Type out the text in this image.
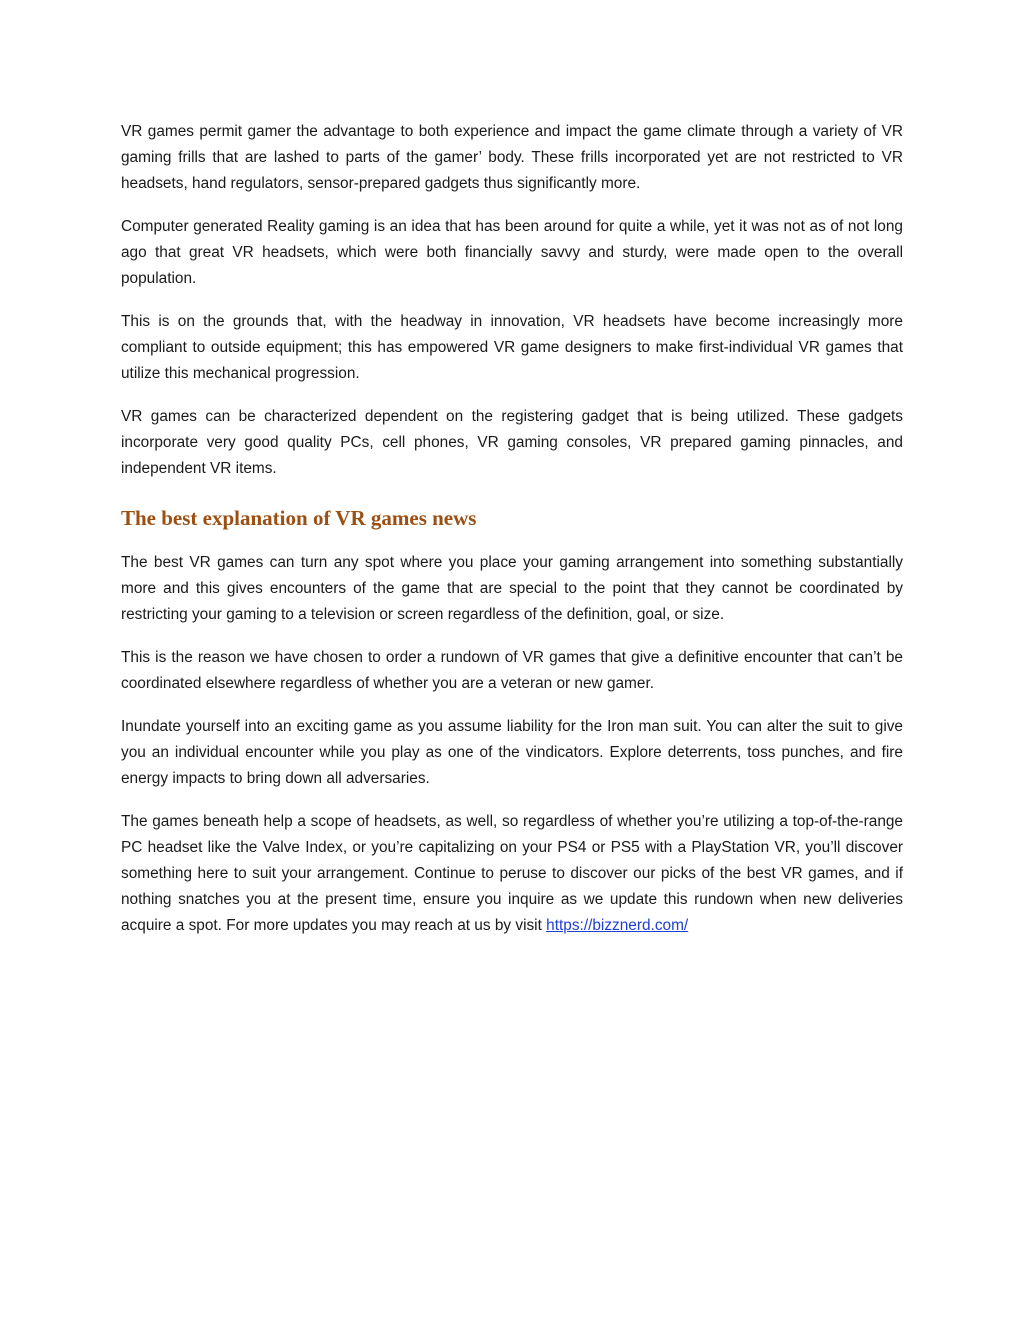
VR games permit gamer the advantage to both experience and impact the game climate through a variety of VR gaming frills that are lashed to parts of the gamer’ body. These frills incorporated yet are not restricted to VR headsets, hand regulators, sensor-prepared gadgets thus significantly more.

Computer generated Reality gaming is an idea that has been around for quite a while, yet it was not as of not long ago that great VR headsets, which were both financially savvy and sturdy, were made open to the overall population.

This is on the grounds that, with the headway in innovation, VR headsets have become increasingly more compliant to outside equipment; this has empowered VR game designers to make first-individual VR games that utilize this mechanical progression.

VR games can be characterized dependent on the registering gadget that is being utilized. These gadgets incorporate very good quality PCs, cell phones, VR gaming consoles, VR prepared gaming pinnacles, and independent VR items.

The best explanation of VR games news

The best VR games can turn any spot where you place your gaming arrangement into something substantially more and this gives encounters of the game that are special to the point that they cannot be coordinated by restricting your gaming to a television or screen regardless of the definition, goal, or size.

This is the reason we have chosen to order a rundown of VR games that give a definitive encounter that can’t be coordinated elsewhere regardless of whether you are a veteran or new gamer.

Inundate yourself into an exciting game as you assume liability for the Iron man suit. You can alter the suit to give you an individual encounter while you play as one of the vindicators. Explore deterrents, toss punches, and fire energy impacts to bring down all adversaries.

The games beneath help a scope of headsets, as well, so regardless of whether you’re utilizing a top-of-the-range PC headset like the Valve Index, or you’re capitalizing on your PS4 or PS5 with a PlayStation VR, you’ll discover something here to suit your arrangement. Continue to peruse to discover our picks of the best VR games, and if nothing snatches you at the present time, ensure you inquire as we update this rundown when new deliveries acquire a spot. For more updates you may reach at us by visit https://bizznerd.com/
